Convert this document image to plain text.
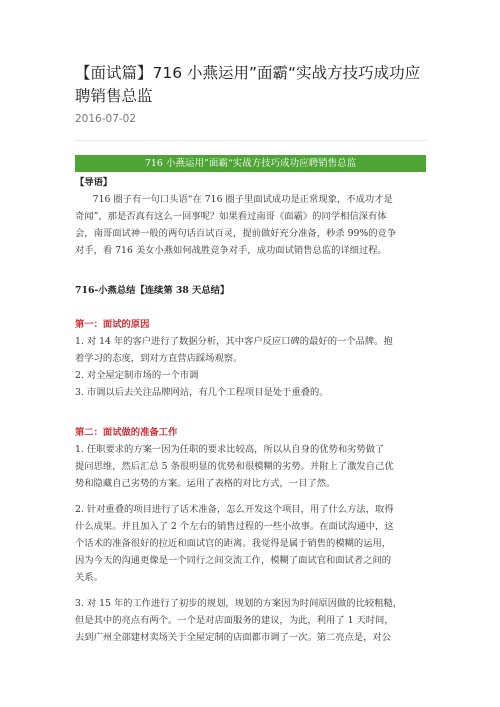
【面试篇】716 小燕运用”面霸“实战方技巧成功应聘销售总监
2016-07-02
716 小燕运用”面霸“实战方技巧成功应聘销售总监

【导语】

716 圈子有一句口头语“在 716 圈子里面试成功是正常现象，不成功才是

奇闻”，那是否真有这么一回事呢？如果看过南哥《面霸》的同学相信深有体

会，南哥面试神一般的两句话百试百灵，提前做好充分准备，秒杀 99%的竞争

对手，看 716 美女小燕如何战胜竞争对手，成功面试销售总监的详细过程。

716-小燕总结【连续第 38 天总结】

第一：面试的原因

1. 对 14 年的客户进行了数据分析，其中客户反应口碑的最好的一个品牌。抱

着学习的态度，到对方直营店踩场观察。

2. 对全屋定制市场的一个市调

3. 市调以后去关注品牌网站，有几个工程项目是处于重叠的。

第二：面试做的准备工作

1. 任职要求的方案一因为任职的要求比较高，所以从自身的优势和劣势做了

提问思维，然后汇总 5 条很明显的优势和很模糊的劣势。并附上了激发自己优

势和隐藏自己劣势的方案。运用了表格的对比方式，一目了然。

2. 针对重叠的项目进行了话术准备，怎么开发这个项目，用了什么方法，取得

什么成果。并且加入了 2 个左右的销售过程的一些小故事。在面试沟通中，这

个话术的准备很好的拉近和面试官的距离。我觉得是属于销售的模糊的运用，

因为今天的沟通更像是一个同行之间交流工作，模糊了面试官和面试者之间的

关系。

3. 对 15 年的工作进行了初步的规划，规划的方案因为时间原因做的比较粗糙，

但是其中的亮点有两个。一个是对店面服务的建议，为此，利用了 1 天时间，

去到广州全部建材卖场关于全屋定制的店面都市调了一次。第二亮点是，对公
